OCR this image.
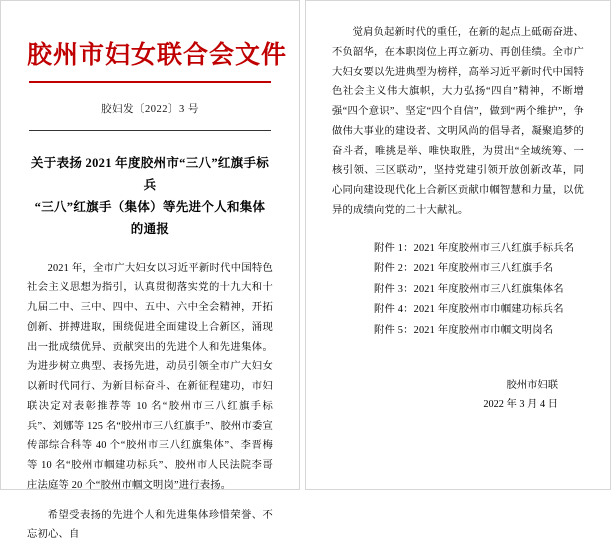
胶州市妇女联合会文件
胶妇发〔2022〕3 号
关于表扬 2021 年度胶州市“三八”红旗手标兵
“三八”红旗手（集体）等先进个人和集体
的通报

2021 年，全市广大妇女以习近平新时代中国特色社会主义思想为指引，认真贯彻落实党的十九大和十九届二中、三中、四中、五中、六中全会精神，开拓创新、拼搏进取，围绕促进全面建设上合新区，涌现出一批成绩优异、贡献突出的先进个人和先进集体。为进步树立典型、表扬先进，动员引领全市广大妇女以新时代同行、为新目标奋斗、在新征程建功，市妇联决定对表彰推荐等 10 名“胶州市三八红旗手标兵”、刘娜等 125 名“胶州市三八红旗手”、胶州市委宣传部综合科等 40 个“胶州市三八红旗集体”、李晋梅等 10 名“胶州市帼建功标兵”、胶州市人民法院李哥庄法庭等 20 个“胶州市帼文明岗”进行表扬。

希望受表扬的先进个人和先进集体珍惜荣誉、不忘初心、自

觉肩负起新时代的重任，在新的起点上砥砺奋进、不负韶华，在本职岗位上再立新功、再创佳绩。全市广大妇女要以先进典型为榜样，高举习近平新时代中国特色社会主义伟大旗帜，大力弘扬“四自”精神，不断增强“四个意识”、坚定“四个自信”，做到“两个维护”，争做伟大事业的建设者、文明风尚的倡导者，凝聚追梦的奋斗者，唯挑是举、唯快取胜，为贯出“全域统筹、一核引领、三区联动”，坚持党建引领开放创新改革，同心同向建设现代化上合新区贡献巾帼智慧和力量，以优异的成绩向党的二十大献礼。

附件 1：2021 年度胶州市三八红旗手标兵名
附件 2：2021 年度胶州市三八红旗手名
附件 3：2021 年度胶州市三八红旗集体名
附件 4：2021 年度胶州市巾帼建功标兵名
附件 5：2021 年度胶州市巾帼文明岗名
胶州市妇联
2022 年 3 月 4 日
